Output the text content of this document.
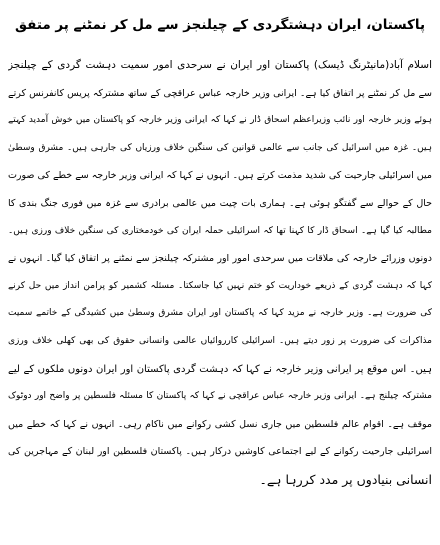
پاکستان، ایران دہشتگردی کے چیلنجز سے مل کر نمٹنے پر متفق
اسلام آباد(مانیٹرنگ ڈیسک) پاکستان اور ایران نے سرحدی امور سمیت دہشت گردی کے چیلنجز
سے مل کر نمٹنے پر اتفاق کیا ہے۔ ایرانی وزیر خارجہ عباس عراقچی کے ساتھ مشترکہ پریس کانفرنس کرتے
ہوئے وزیر خارجہ اور نائب وزیراعظم اسحاق ڈار نے کہا کہ ایرانی وزیر خارجہ کو پاکستان میں خوش آمدید کہتے
ہیں۔ غزہ میں اسرائیل کی جانب سے عالمی قوانین کی سنگین خلاف ورزیاں کی جارہی ہیں۔ مشرق وسطیٰ
میں اسرائیلی جارحیت کی شدید مذمت کرتے ہیں۔ انہوں نے کہا کہ ایرانی وزیر خارجہ سے خطے کی صورت
حال کے حوالے سے گفتگو ہوئی ہے۔ ہماری بات چیت میں عالمی برادری سے غزہ میں فوری جنگ بندی کا
مطالبہ کیا گیا ہے۔ اسحاق ڈار کا کہنا تھا کہ اسرائیلی حملہ ایران کی خودمختاری کی سنگین خلاف ورزی ہیں۔
دونوں وزرائے خارجہ کی ملاقات میں سرحدی امور اور مشترکہ چیلنجز سے نمٹنے پر اتفاق کیا گیا۔ انہوں نے
کہا کہ دہشت گردی کے ذریعے خوداریت کو ختم نہیں کیا جاسکتا۔ مسئلہ کشمیر کو پرامن انداز میں حل کرنے
کی ضرورت ہے۔ وزیر خارجہ نے مزید کہا کہ پاکستان اور ایران مشرق وسطیٰ میں کشیدگی کے خاتمے سمیت
مذاکرات کی ضرورت پر زور دیتے ہیں۔ اسرائیلی کارروائیاں عالمی وانسانی حقوق کی بھی کھلی خلاف ورزی
ہیں۔ اس موقع پر ایرانی وزیر خارجہ نے کہا کہ دہشت گردی پاکستان اور ایران دونوں ملکوں کے لیے
مشترکہ چیلنج ہے۔ ایرانی وزیر خارجہ عباس عراقچی نے کہا کہ پاکستان کا مسئلہ فلسطین پر واضح اور دوٹوک
موقف ہے۔ اقوام عالم فلسطین میں جاری نسل کشی رکوانے میں ناکام رہی۔ انہوں نے کہا کہ خطے میں
اسرائیلی جارحیت رکوانے کے لیے اجتماعی کاوشیں درکار ہیں۔ پاکستان فلسطین اور لبنان کے مہاجرین کی
انسانی بنیادوں پر مدد کررہا ہے۔
